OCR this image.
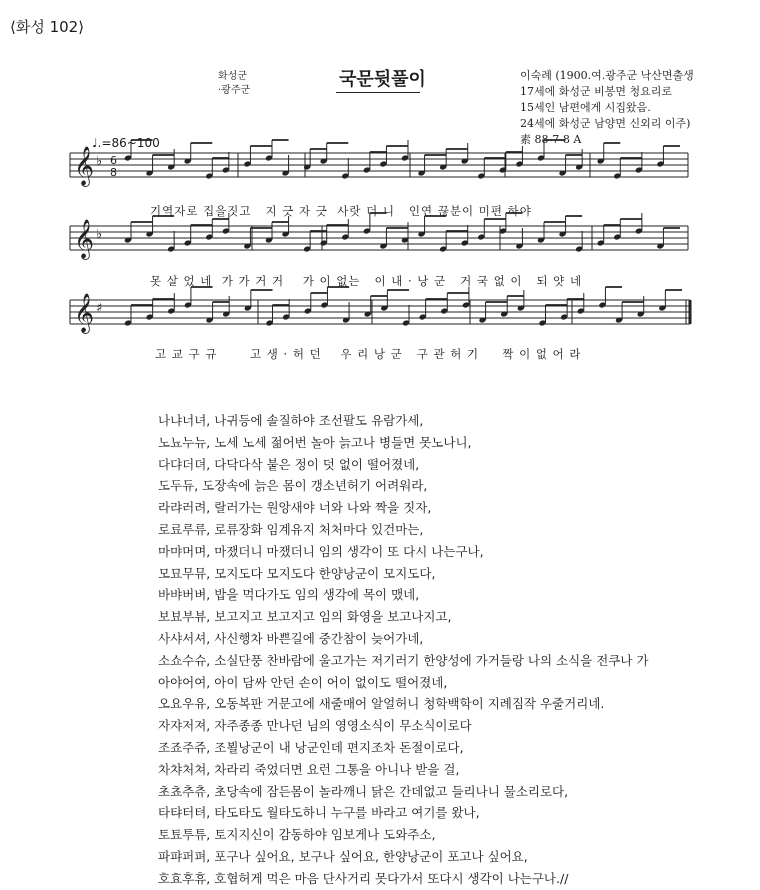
⟨화성 102⟩
화성군
·광주군
국문뒷풀이	이숙례 (1900.여.광주군 낙산면출생
17세에 화성군 비봉면 청요리로
15세인 남편에게 시집왔음.
24세에 화성군 남양면 신외리 이주)
素 88-7-8 A
♩.=86~100
𝄞 ♭ 6
8
𝄞 ♭
𝄞 ♯
기역자로 집을짓고   지 긋 자 긋  사랏 더 니   인연 끊분이 미편 하야
못 살 었 네  가 가 거 거    가 이 없는   이 내 · 낭 군   거 국 없 이   되 얏 네
고 교 구 규       고 생 · 허 던    우 리 낭 군   구 관 허 기     짝 이 없 어 라
나냐너녀, 나귀등에 솔질하야 조선팔도 유람가세,
노뇨누뉴, 노세 노세 젊어번 놀아 늙고나 병들면 못노나니,
다댜더뎌, 다닥다삭 붙은 정이 덧 없이 떨어졌네,
도두듀, 도장속에 늙은 몸이 갱소년허기 어려워라,
라랴러려, 랄러가는 원앙새야 너와 나와 짝을 짓자,
로료루류, 로류장화 임계유지 처처마다 있건마는,
마먀머며, 마쟀더니 마쟀더니 임의 생각이 또 다시 나는구나,
모묘무뮤, 모지도다 모지도다 한양낭군이 모지도다,
바뱌버벼, 밥을 먹다가도 임의 생각에 목이 맸네,
보뵤부뷰, 보고지고 보고지고 임의 화영을 보고나지고,
사샤서셔, 사신행차 바쁜길에 중간참이 늦어가네,
소쇼수슈, 소실단풍 찬바람에 울고가는 저기러기 한양성에 가거들랑 나의 소식을 전쿠나 가
아야어여, 아이 담싸 안던 손이 어이 없이도 떨어졌네,
오요우유, 오동복판 거문고에 새줄매어 알얼허니 청학백학이 지례짐작 우줄거리네.
자쟈저져, 자주종종 만나던 님의 영영소식이 무소식이로다
조죠주쥬, 조뵐낭군이 내 낭군인데 편지조차 돈절이로다,
차챠처쳐, 차라리 죽었더면 요런 그통을 아니나 받을 걸,
초쵸추츄, 초당속에 잠든몸이 놀라깨니 닭은 간데없고 들리나니 물소리로다,
타탸터텨, 타도타도 월타도하니 누구를 바라고 여기를 왔나,
토툐투튜, 토지지신이 감동하야 임보게나 도와주소,
파퍄퍼펴, 포구나 싶어요, 보구나 싶어요, 한양낭군이 포고나 싶어요,
호효후휴, 호협허게 먹은 마음 단사거리 못다가서 또다시 생각이 나는구나.//
